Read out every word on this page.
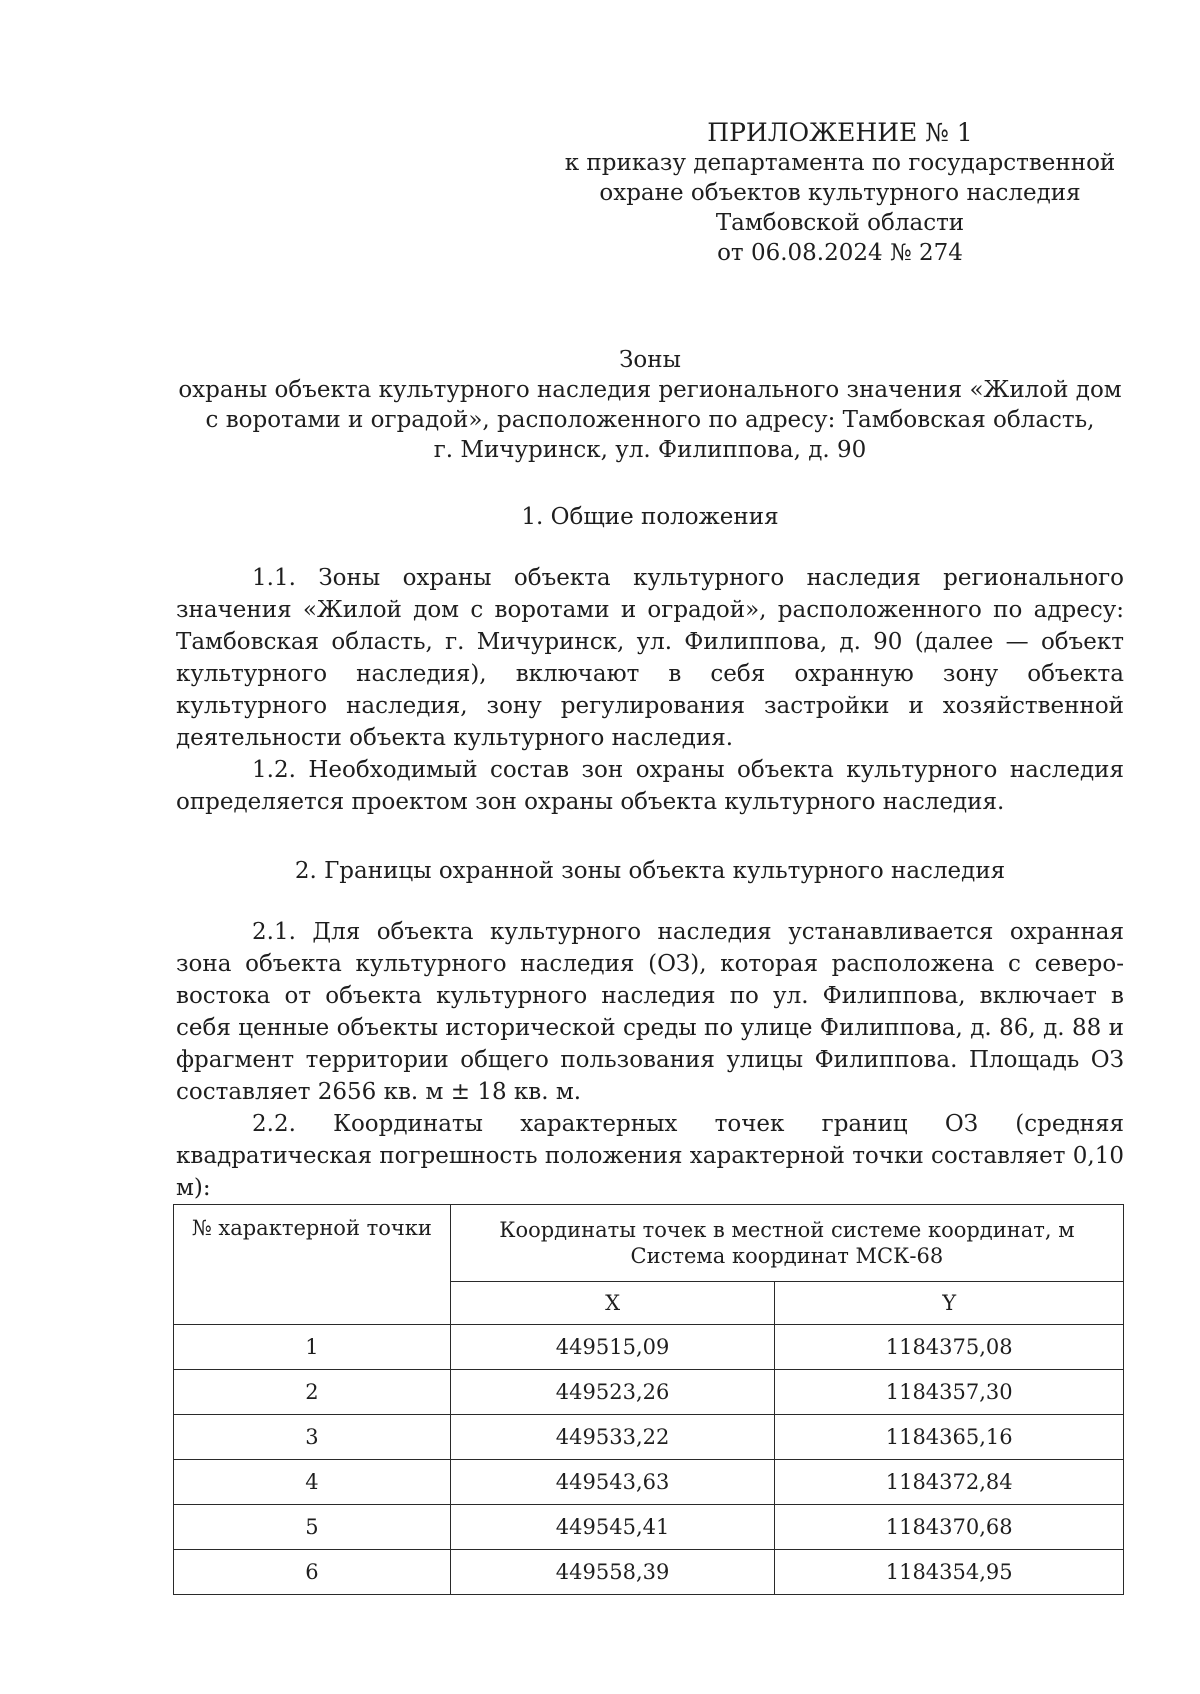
ПРИЛОЖЕНИЕ № 1
к приказу департамента по государственной
охране объектов культурного наследия
Тамбовской области
от 06.08.2024 № 274
Зоны
охраны объекта культурного наследия регионального значения «Жилой дом
с воротами и оградой», расположенного по адресу: Тамбовская область,
г. Мичуринск, ул. Филиппова, д. 90
1. Общие положения
1.1. Зоны охраны объекта культурного наследия регионального значения «Жилой дом с воротами и оградой», расположенного по адресу: Тамбовская область, г. Мичуринск, ул. Филиппова, д. 90 (далее — объект культурного наследия), включают в себя охранную зону объекта культурного наследия, зону регулирования застройки и хозяйственной деятельности объекта культурного наследия.
1.2. Необходимый состав зон охраны объекта культурного наследия определяется проектом зон охраны объекта культурного наследия.
2. Границы охранной зоны объекта культурного наследия
2.1. Для объекта культурного наследия устанавливается охранная зона объекта культурного наследия (ОЗ), которая расположена с северо-востока от объекта культурного наследия по ул. Филиппова, включает в себя ценные объекты исторической среды по улице Филиппова, д. 86, д. 88 и фрагмент территории общего пользования улицы Филиппова. Площадь ОЗ составляет 2656 кв. м ± 18 кв. м.
2.2. Координаты характерных точек границ ОЗ (средняя квадратическая погрешность положения характерной точки составляет 0,10 м):
№ характерной точки	Координаты точек в местной системе координат, м
Система координат МСК-68	

	X	Y
1	449515,09	1184375,08
2	449523,26	1184357,30
3	449533,22	1184365,16
4	449543,63	1184372,84
5	449545,41	1184370,68
6	449558,39	1184354,95
